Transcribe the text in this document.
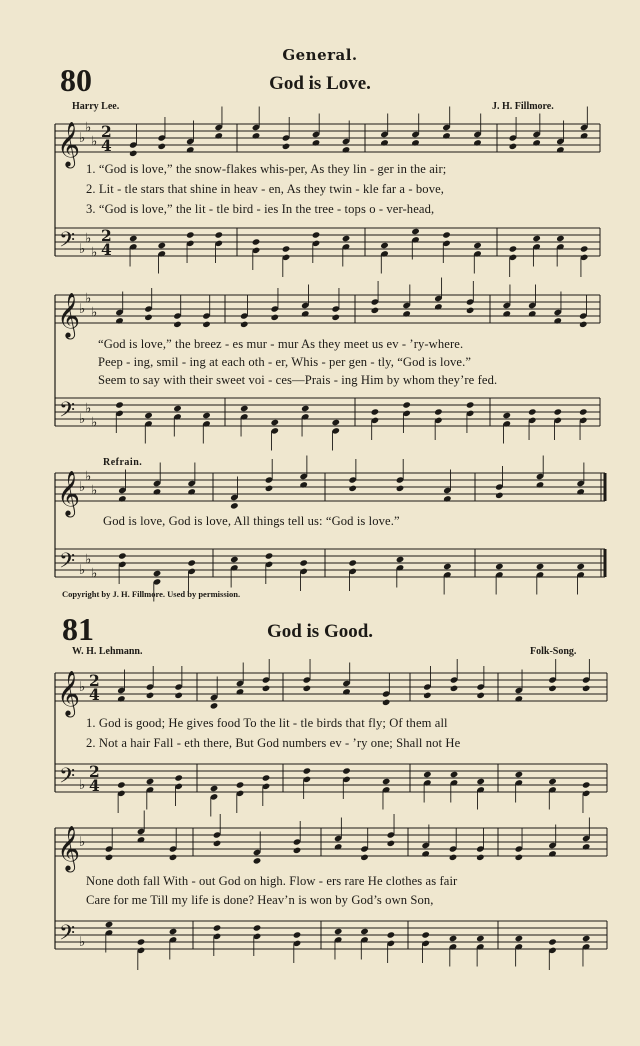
𝄞
𝄢
♭
♭
♭
♭
♭
♭
2
4
2
4
𝄞
𝄢
♭
♭
♭
♭
♭
♭
𝄞
𝄢
♭
♭
♭
♭
♭
♭
𝄞
𝄢
♭
♭
2
4
2
4
𝄞
𝄢
♭
♭
General.
80	God is Love.
Harry Lee.	J. H. Fillmore.
1. “God is love,” the snow-flakes whis-per, As they lin - ger in the air;
2. Lit - tle stars that shine in heav - en, As they twin - kle far a - bove,
3. “God is love,” the lit - tle bird - ies In the tree - tops o - ver-head,
“God is love,” the breez - es mur - mur As they meet us ev - ’ry-where.
Peep - ing, smil - ing at each oth - er, Whis - per gen - tly, “God is love.”
Seem to say with their sweet voi - ces—Prais - ing Him by whom they’re fed.
Refrain.
God is love, God is love, All things tell us: “God is love.”
Copyright by J. H. Fillmore. Used by permission.
81	God is Good.
W. H. Lehmann.	Folk-Song.
1. God is good; He gives food To the lit - tle birds that fly; Of them all
2. Not a hair Fall - eth there, But God numbers ev - ’ry one; Shall not He
None doth fall With - out God on high. Flow - ers rare He clothes as fair
Care for me Till my life is done? Heav’n is won by God’s own Son,
